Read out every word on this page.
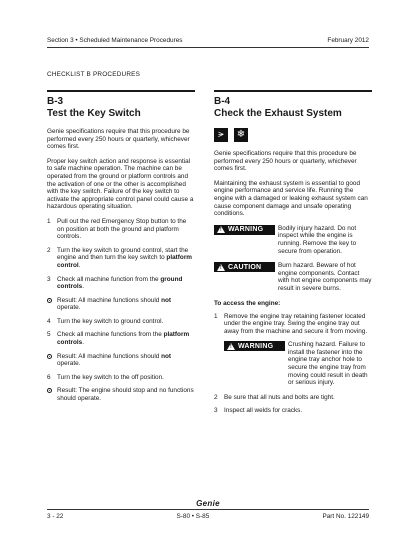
Section 3 • Scheduled Maintenance Procedures	February 2012
CHECKLIST B PROCEDURES
B-3
Test the Key Switch

Genie specifications require that this procedure be performed every 250 hours or quarterly, whichever comes first.

Proper key switch action and response is essential to safe machine operation. The machine can be operated from the ground or platform controls and the activation of one or the other is accomplished with the key switch. Failure of the key switch to activate the appropriate control panel could cause a hazardous operating situation.

1 Pull out the red Emergency Stop button to the on position at both the ground and platform controls.
2 Turn the key switch to ground control, start the engine and then turn the key switch to platform control.
3 Check all machine function from the ground controls.
Result: All machine functions should not operate.
4 Turn the key switch to ground control.
5 Check all machine functions from the platform controls.
Result: All machine functions should not operate.
6 Turn the key switch to the off position.
Result: The engine should stop and no functions should operate.
B-4
Check the Exhaust System
⪫	❄

Genie specifications require that this procedure be performed every 250 hours or quarterly, whichever comes first.

Maintaining the exhaust system is essential to good engine performance and service life. Running the engine with a damaged or leaking exhaust system can cause component damage and unsafe operating conditions.

!
WARNING Bodily injury hazard. Do not inspect while the engine is running. Remove the key to secure from operation.
!
CAUTION	Burn hazard. Beware of hot engine components. Contact with hot engine components may result in severe burns.
To access the engine:
1 Remove the engine tray retaining fastener located under the engine tray. Swing the engine tray out away from the machine and secure it from moving.
!
WARNING Crushing hazard. Failure to install the fastener into the engine tray anchor hole to secure the engine tray from moving could result in death or serious injury.
2 Be sure that all nuts and bolts are tight.
3 Inspect all welds for cracks.
Genie
3 - 22	S-80 • S-85	Part No. 122149
